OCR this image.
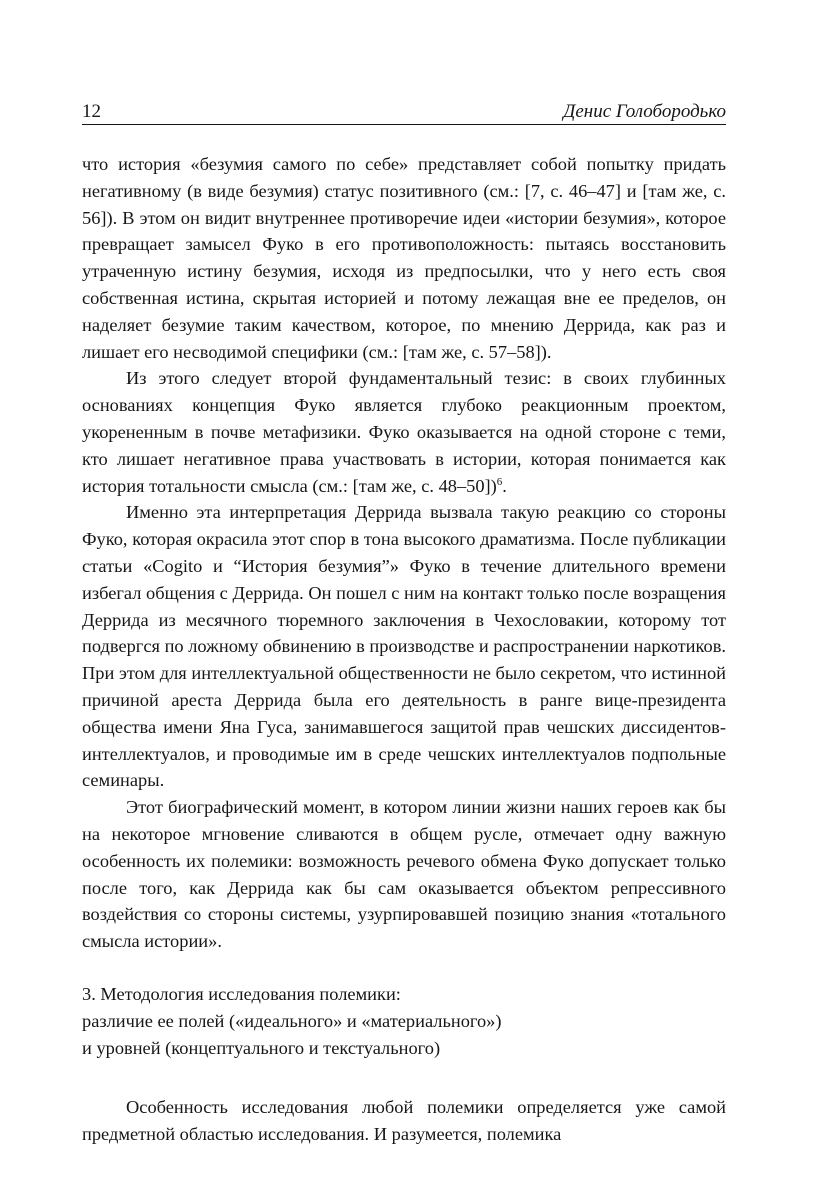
12	Денис Голобородько

что история «безумия самого по себе» представляет собой попытку придать негативному (в виде безумия) статус позитивного (см.: [7, с. 46–47] и [там же, с. 56]). В этом он видит внутреннее противоречие идеи «истории безумия», которое превращает замысел Фуко в его противоположность: пытаясь восстановить утраченную истину безумия, исходя из предпосылки, что у него есть своя собственная истина, скрытая историей и потому лежащая вне ее пределов, он наделяет безумие таким качеством, которое, по мнению Деррида, как раз и лишает его несводимой специфики (см.: [там же, с. 57–58]).

Из этого следует второй фундаментальный тезис: в своих глубинных основаниях концепция Фуко является глубоко реакционным проектом, укорененным в почве метафизики. Фуко оказывается на одной стороне с теми, кто лишает негативное права участвовать в истории, которая понимается как история тотальности смысла (см.: [там же, с. 48–50])$^6$.

Именно эта интерпретация Деррида вызвала такую реакцию со стороны Фуко, которая окрасила этот спор в тона высокого драматизма. После публикации статьи «Cogito и “История безумия”» Фуко в течение длительного времени избегал общения с Деррида. Он пошел с ним на контакт только после возращения Деррида из месячного тюремного заключения в Чехословакии, которому тот подвергся по ложному обвинению в производстве и распространении наркотиков. При этом для интеллектуальной общественности не было секретом, что истинной причиной ареста Деррида была его деятельность в ранге вице-президента общества имени Яна Гуса, занимавшегося защитой прав чешских диссидентов-интеллектуалов, и проводимые им в среде чешских интеллектуалов подпольные семинары.

Этот биографический момент, в котором линии жизни наших героев как бы на некоторое мгновение сливаются в общем русле, отмечает одну важную особенность их полемики: возможность речевого обмена Фуко допускает только после того, как Деррида как бы сам оказывается объектом репрессивного воздействия со стороны системы, узурпировавшей позицию знания «тотального смысла истории».

3. Методология исследования полемики:
различие ее полей («идеального» и «материального»)
и уровней (концептуального и текстуального)

Особенность исследования любой полемики определяется уже самой предметной областью исследования. И разумеется, полемика
